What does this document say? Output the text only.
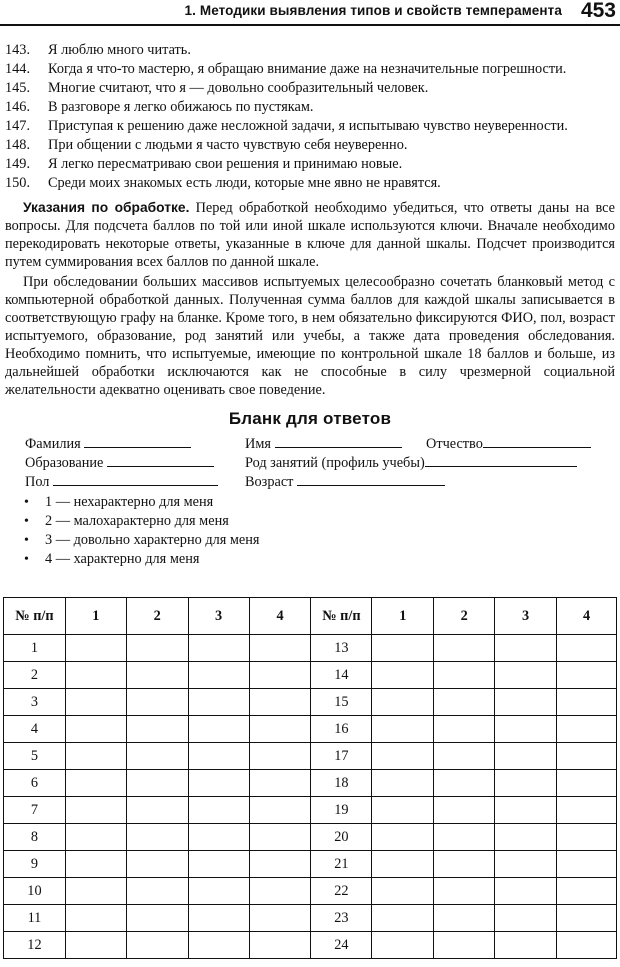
1. Методики выявления типов и свойств темперамента 453
143.	Я люблю много читать.
144.	Когда я что-то мастерю, я обращаю внимание даже на незначительные погрешности.
145.	Многие считают, что я — довольно сообразительный человек.
146.	В разговоре я легко обижаюсь по пустякам.
147.	Приступая к решению даже несложной задачи, я испытываю чувство неуверенности.
148.	При общении с людьми я часто чувствую себя неуверенно.
149.	Я легко пересматриваю свои решения и принимаю новые.
150.	Среди моих знакомых есть люди, которые мне явно не нравятся.

Указания по обработке. Перед обработкой необходимо убедиться, что ответы даны на все вопросы. Для подсчета баллов по той или иной шкале используются ключи. Вначале необходимо перекодировать некоторые ответы, указанные в ключе для данной шкалы. Подсчет производится путем суммирования всех баллов по данной шкале.

При обследовании больших массивов испытуемых целесообразно сочетать бланковый метод с компьютерной обработкой данных. Полученная сумма баллов для каждой шкалы записывается в соответствующую графу на бланке. Кроме того, в нем обязательно фиксируются ФИО, пол, возраст испытуемого, образование, род занятий или учебы, а также дата проведения обследования. Необходимо помнить, что испытуемые, имеющие по контрольной шкале 18 баллов и больше, из дальнейшей обработки исключаются как не способные в силу чрезмерной социальной желательности адекватно оценивать свое поведение.

Бланк для ответов
Фамилия	Имя	Отчество
Образование	Род занятий (профиль учебы)
Пол	Возраст
• 1 — нехарактерно для меня
• 2 — малохарактерно для меня
• 3 — довольно характерно для меня
• 4 — характерно для меня
№ п/п	1	2	3	4	№ п/п	1	2	3	4
1					13				
2					14				
3					15				
4					16				
5					17				
6					18				
7					19				
8					20				
9					21				
10					22				
11					23				
12					24				
